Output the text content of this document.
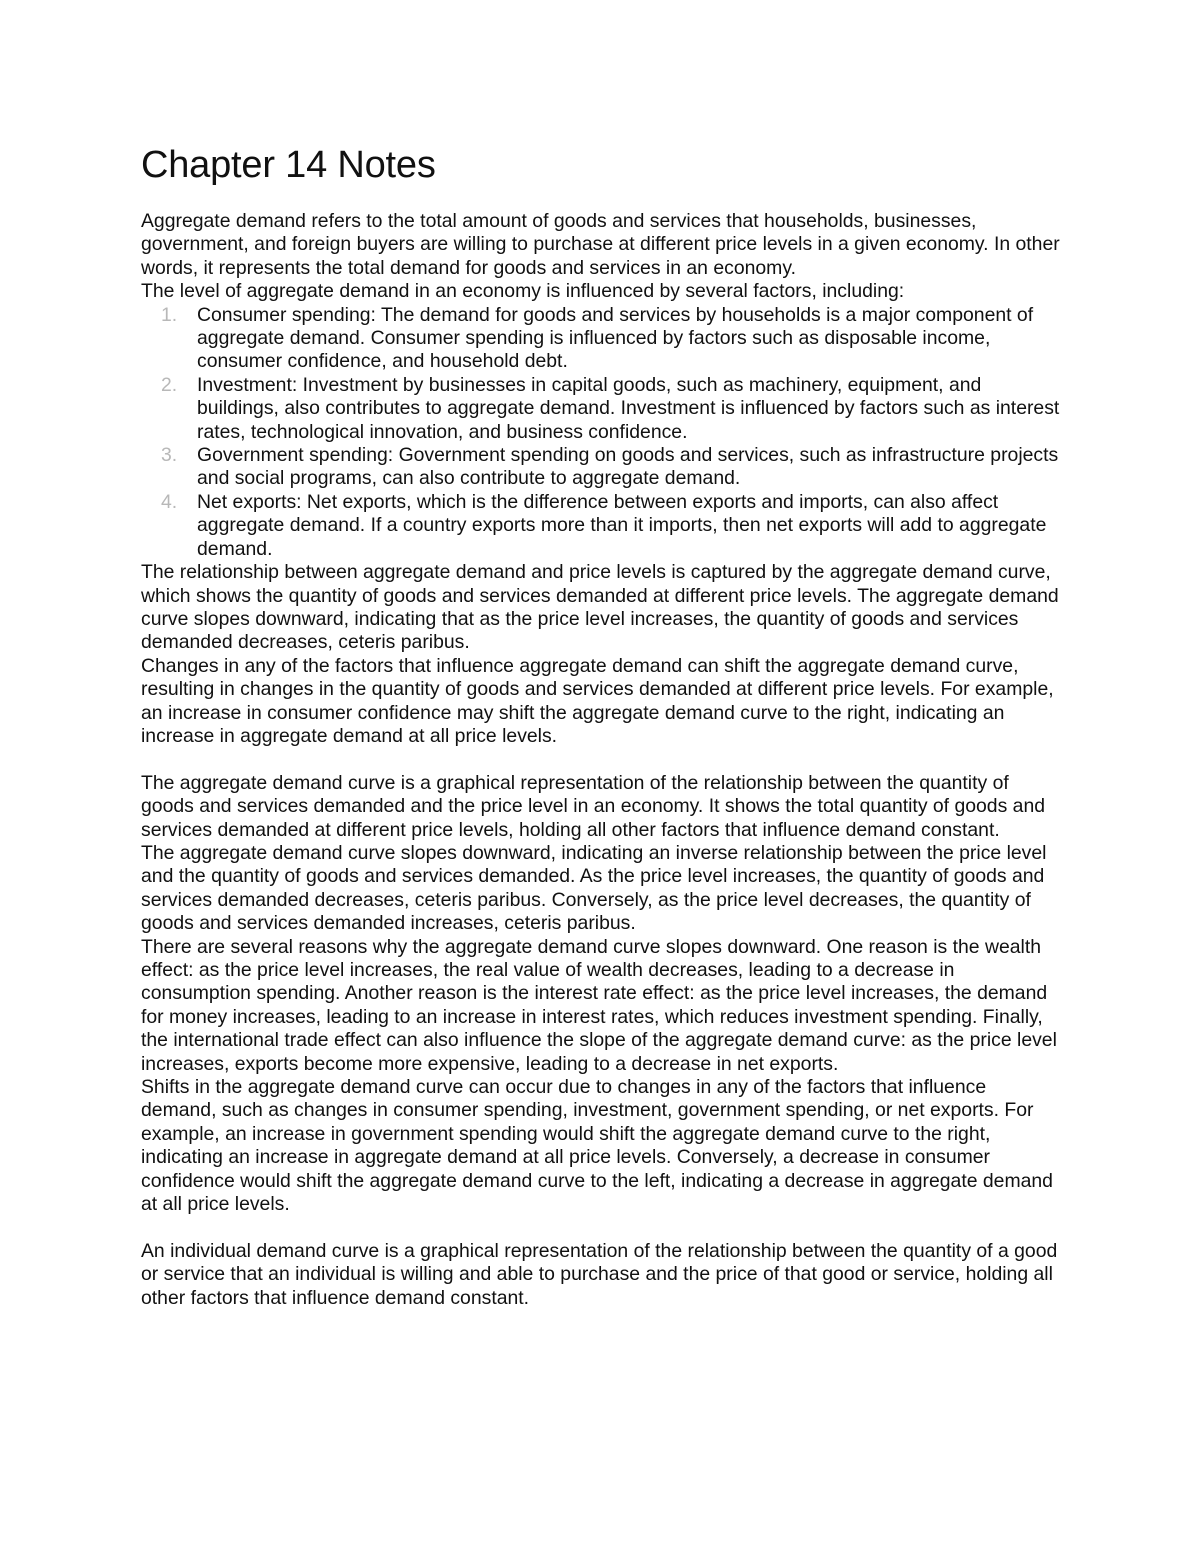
Chapter 14 Notes

Aggregate demand refers to the total amount of goods and services that households, businesses, government, and foreign buyers are willing to purchase at different price levels in a given economy. In other words, it represents the total demand for goods and services in an economy.

The level of aggregate demand in an economy is influenced by several factors, including:

1. Consumer spending: The demand for goods and services by households is a major component of aggregate demand. Consumer spending is influenced by factors such as disposable income, consumer confidence, and household debt.
2. Investment: Investment by businesses in capital goods, such as machinery, equipment, and buildings, also contributes to aggregate demand. Investment is influenced by factors such as interest rates, technological innovation, and business confidence.
3. Government spending: Government spending on goods and services, such as infrastructure projects and social programs, can also contribute to aggregate demand.
4. Net exports: Net exports, which is the difference between exports and imports, can also affect aggregate demand. If a country exports more than it imports, then net exports will add to aggregate demand.

The relationship between aggregate demand and price levels is captured by the aggregate demand curve, which shows the quantity of goods and services demanded at different price levels. The aggregate demand curve slopes downward, indicating that as the price level increases, the quantity of goods and services demanded decreases, ceteris paribus.

Changes in any of the factors that influence aggregate demand can shift the aggregate demand curve, resulting in changes in the quantity of goods and services demanded at different price levels. For example, an increase in consumer confidence may shift the aggregate demand curve to the right, indicating an increase in aggregate demand at all price levels.

The aggregate demand curve is a graphical representation of the relationship between the quantity of goods and services demanded and the price level in an economy. It shows the total quantity of goods and services demanded at different price levels, holding all other factors that influence demand constant.

The aggregate demand curve slopes downward, indicating an inverse relationship between the price level and the quantity of goods and services demanded. As the price level increases, the quantity of goods and services demanded decreases, ceteris paribus. Conversely, as the price level decreases, the quantity of goods and services demanded increases, ceteris paribus.

There are several reasons why the aggregate demand curve slopes downward. One reason is the wealth effect: as the price level increases, the real value of wealth decreases, leading to a decrease in consumption spending. Another reason is the interest rate effect: as the price level increases, the demand for money increases, leading to an increase in interest rates, which reduces investment spending. Finally, the international trade effect can also influence the slope of the aggregate demand curve: as the price level increases, exports become more expensive, leading to a decrease in net exports.

Shifts in the aggregate demand curve can occur due to changes in any of the factors that influence demand, such as changes in consumer spending, investment, government spending, or net exports. For example, an increase in government spending would shift the aggregate demand curve to the right, indicating an increase in aggregate demand at all price levels. Conversely, a decrease in consumer confidence would shift the aggregate demand curve to the left, indicating a decrease in aggregate demand at all price levels.

An individual demand curve is a graphical representation of the relationship between the quantity of a good or service that an individual is willing and able to purchase and the price of that good or service, holding all other factors that influence demand constant.
